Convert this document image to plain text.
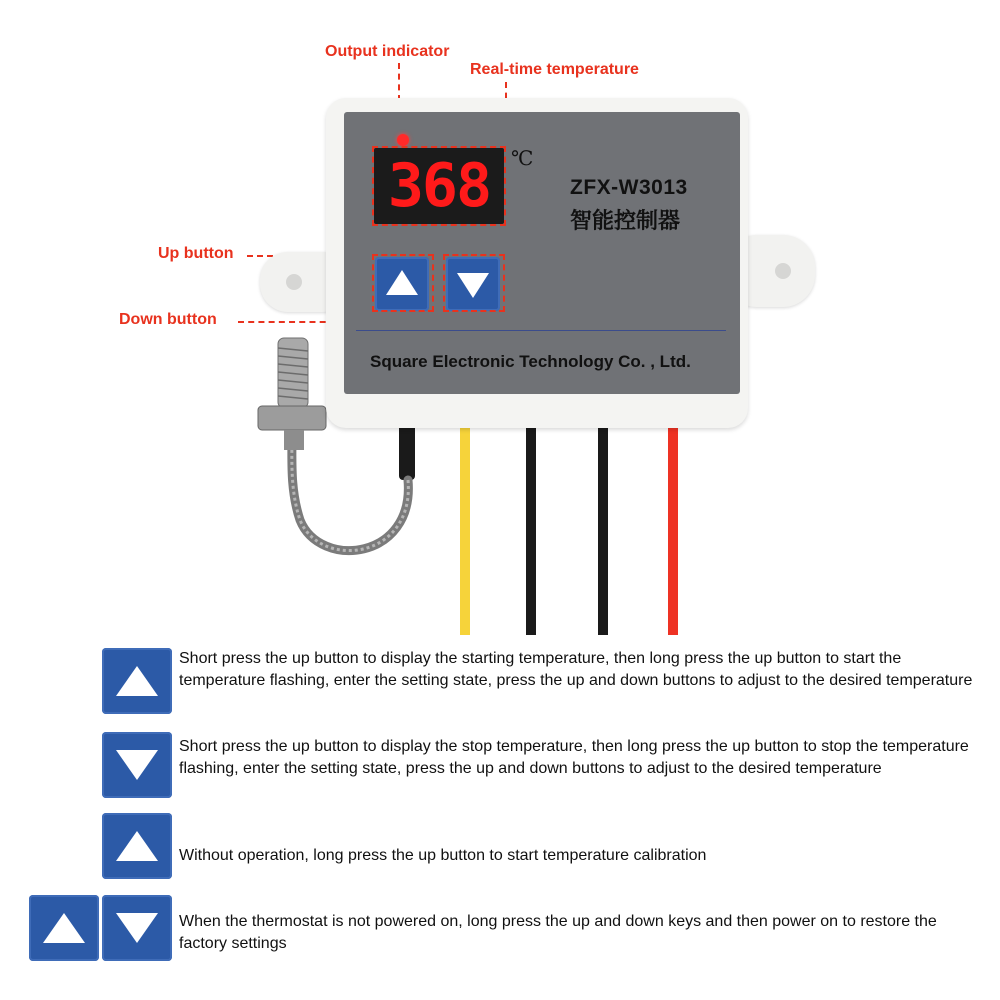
Output indicator
Real-time temperature
Up button
Down button
368	℃
ZFX-W3013
智能控制器
Square Electronic Technology Co. , Ltd.
Short press the up button to display the starting temperature, then long press the up button to start the temperature flashing, enter the setting state, press the up and down buttons to adjust to the desired temperature
Short press the up button to display the stop temperature, then long press the up button to stop the temperature flashing, enter the setting state, press the up and down buttons to adjust to the desired temperature
Without operation, long press the up button to start temperature calibration
When the thermostat is not powered on, long press the up and down keys and then power on to restore the factory settings
